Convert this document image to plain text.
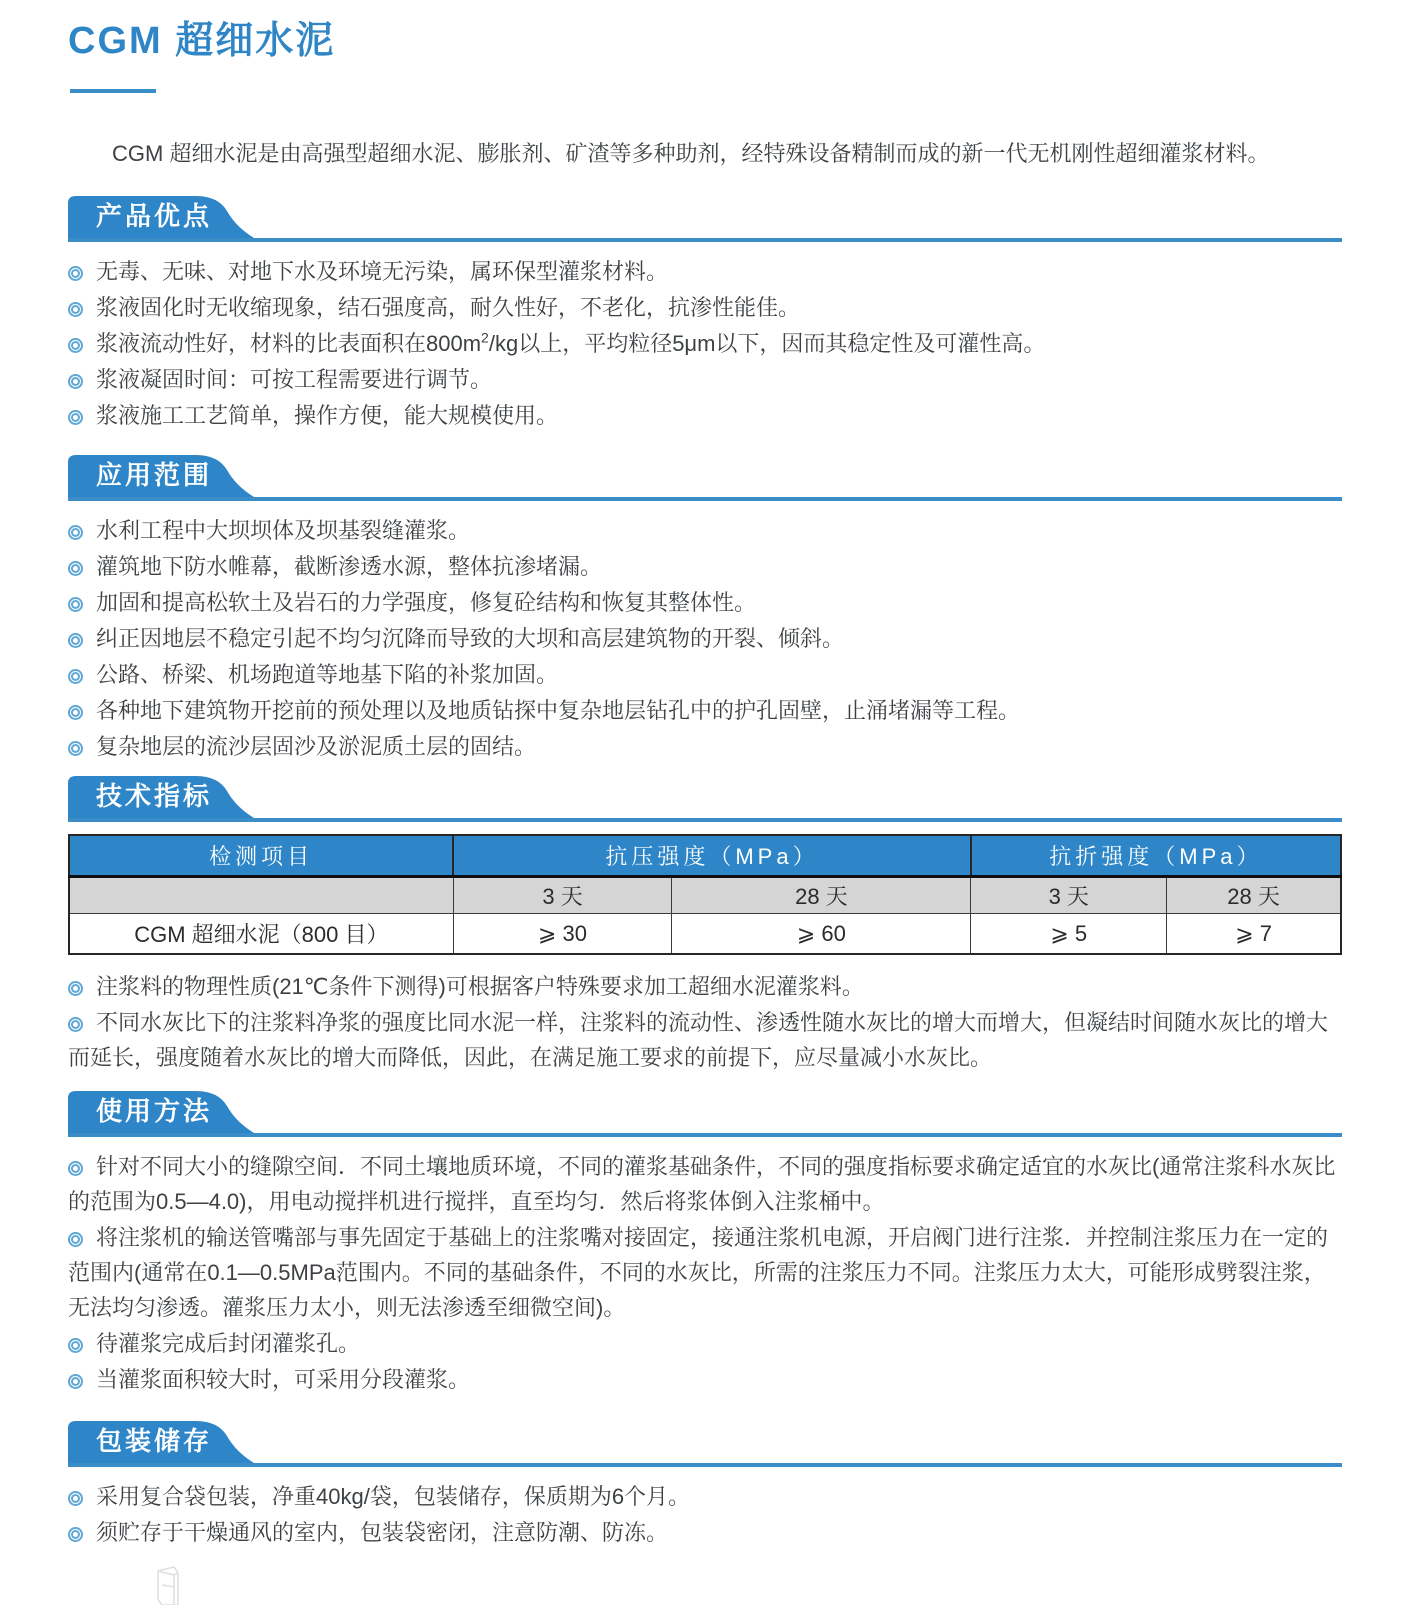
CGM 超细水泥

CGM 超细水泥是由高强型超细水泥、膨胀剂、矿渣等多种助剂，经特殊设备精制而成的新一代无机刚性超细灌浆材料。

产品优点

无毒、无味、对地下水及环境无污染，属环保型灌浆材料。

浆液固化时无收缩现象，结石强度高，耐久性好，不老化，抗渗性能佳。

浆液流动性好，材料的比表面积在$800m^2/kg$以上，平均粒径5μm以下，因而其稳定性及可灌性高。

浆液凝固时间：可按工程需要进行调节。

浆液施工工艺简单，操作方便，能大规模使用。

应用范围

水利工程中大坝坝体及坝基裂缝灌浆。

灌筑地下防水帷幕，截断渗透水源，整体抗渗堵漏。

加固和提高松软土及岩石的力学强度，修复砼结构和恢复其整体性。

纠正因地层不稳定引起不均匀沉降而导致的大坝和高层建筑物的开裂、倾斜。

公路、桥梁、机场跑道等地基下陷的补浆加固。

各种地下建筑物开挖前的预处理以及地质钻探中复杂地层钻孔中的护孔固壁，止涌堵漏等工程。

复杂地层的流沙层固沙及淤泥质土层的固结。

技术指标
检测项目	抗压强度（MPa）		抗折强度（MPa）	
	3 天	28 天	3 天	28 天
CGM 超细水泥（800 目）	⩾ 30	⩾ 60	⩾ 5	⩾ 7

注浆料的物理性质(21℃条件下测得)可根据客户特殊要求加工超细水泥灌浆料。

不同水灰比下的注浆料净浆的强度比同水泥一样，注浆料的流动性、渗透性随水灰比的增大而增大，但凝结时间随水灰比的增大而延长，强度随着水灰比的增大而降低，因此，在满足施工要求的前提下，应尽量减小水灰比。

使用方法

针对不同大小的缝隙空间．不同土壤地质环境，不同的灌浆基础条件，不同的强度指标要求确定适宜的水灰比(通常注浆科水灰比的范围为0.5—4.0)，用电动搅拌机进行搅拌，直至均匀．然后将浆体倒入注浆桶中。

将注浆机的输送管嘴部与事先固定于基础上的注浆嘴对接固定，接通注浆机电源，开启阀门进行注浆．并控制注浆压力在一定的范围内(通常在0.1—0.5MPa范围内。不同的基础条件，不同的水灰比，所需的注浆压力不同。注浆压力太大，可能形成劈裂注浆，无法均匀渗透。灌浆压力太小，则无法渗透至细微空间)。

待灌浆完成后封闭灌浆孔。

当灌浆面积较大时，可采用分段灌浆。

包装储存

采用复合袋包装，净重40kg/袋，包装储存，保质期为6个月。

须贮存于干燥通风的室内，包装袋密闭，注意防潮、防冻。
